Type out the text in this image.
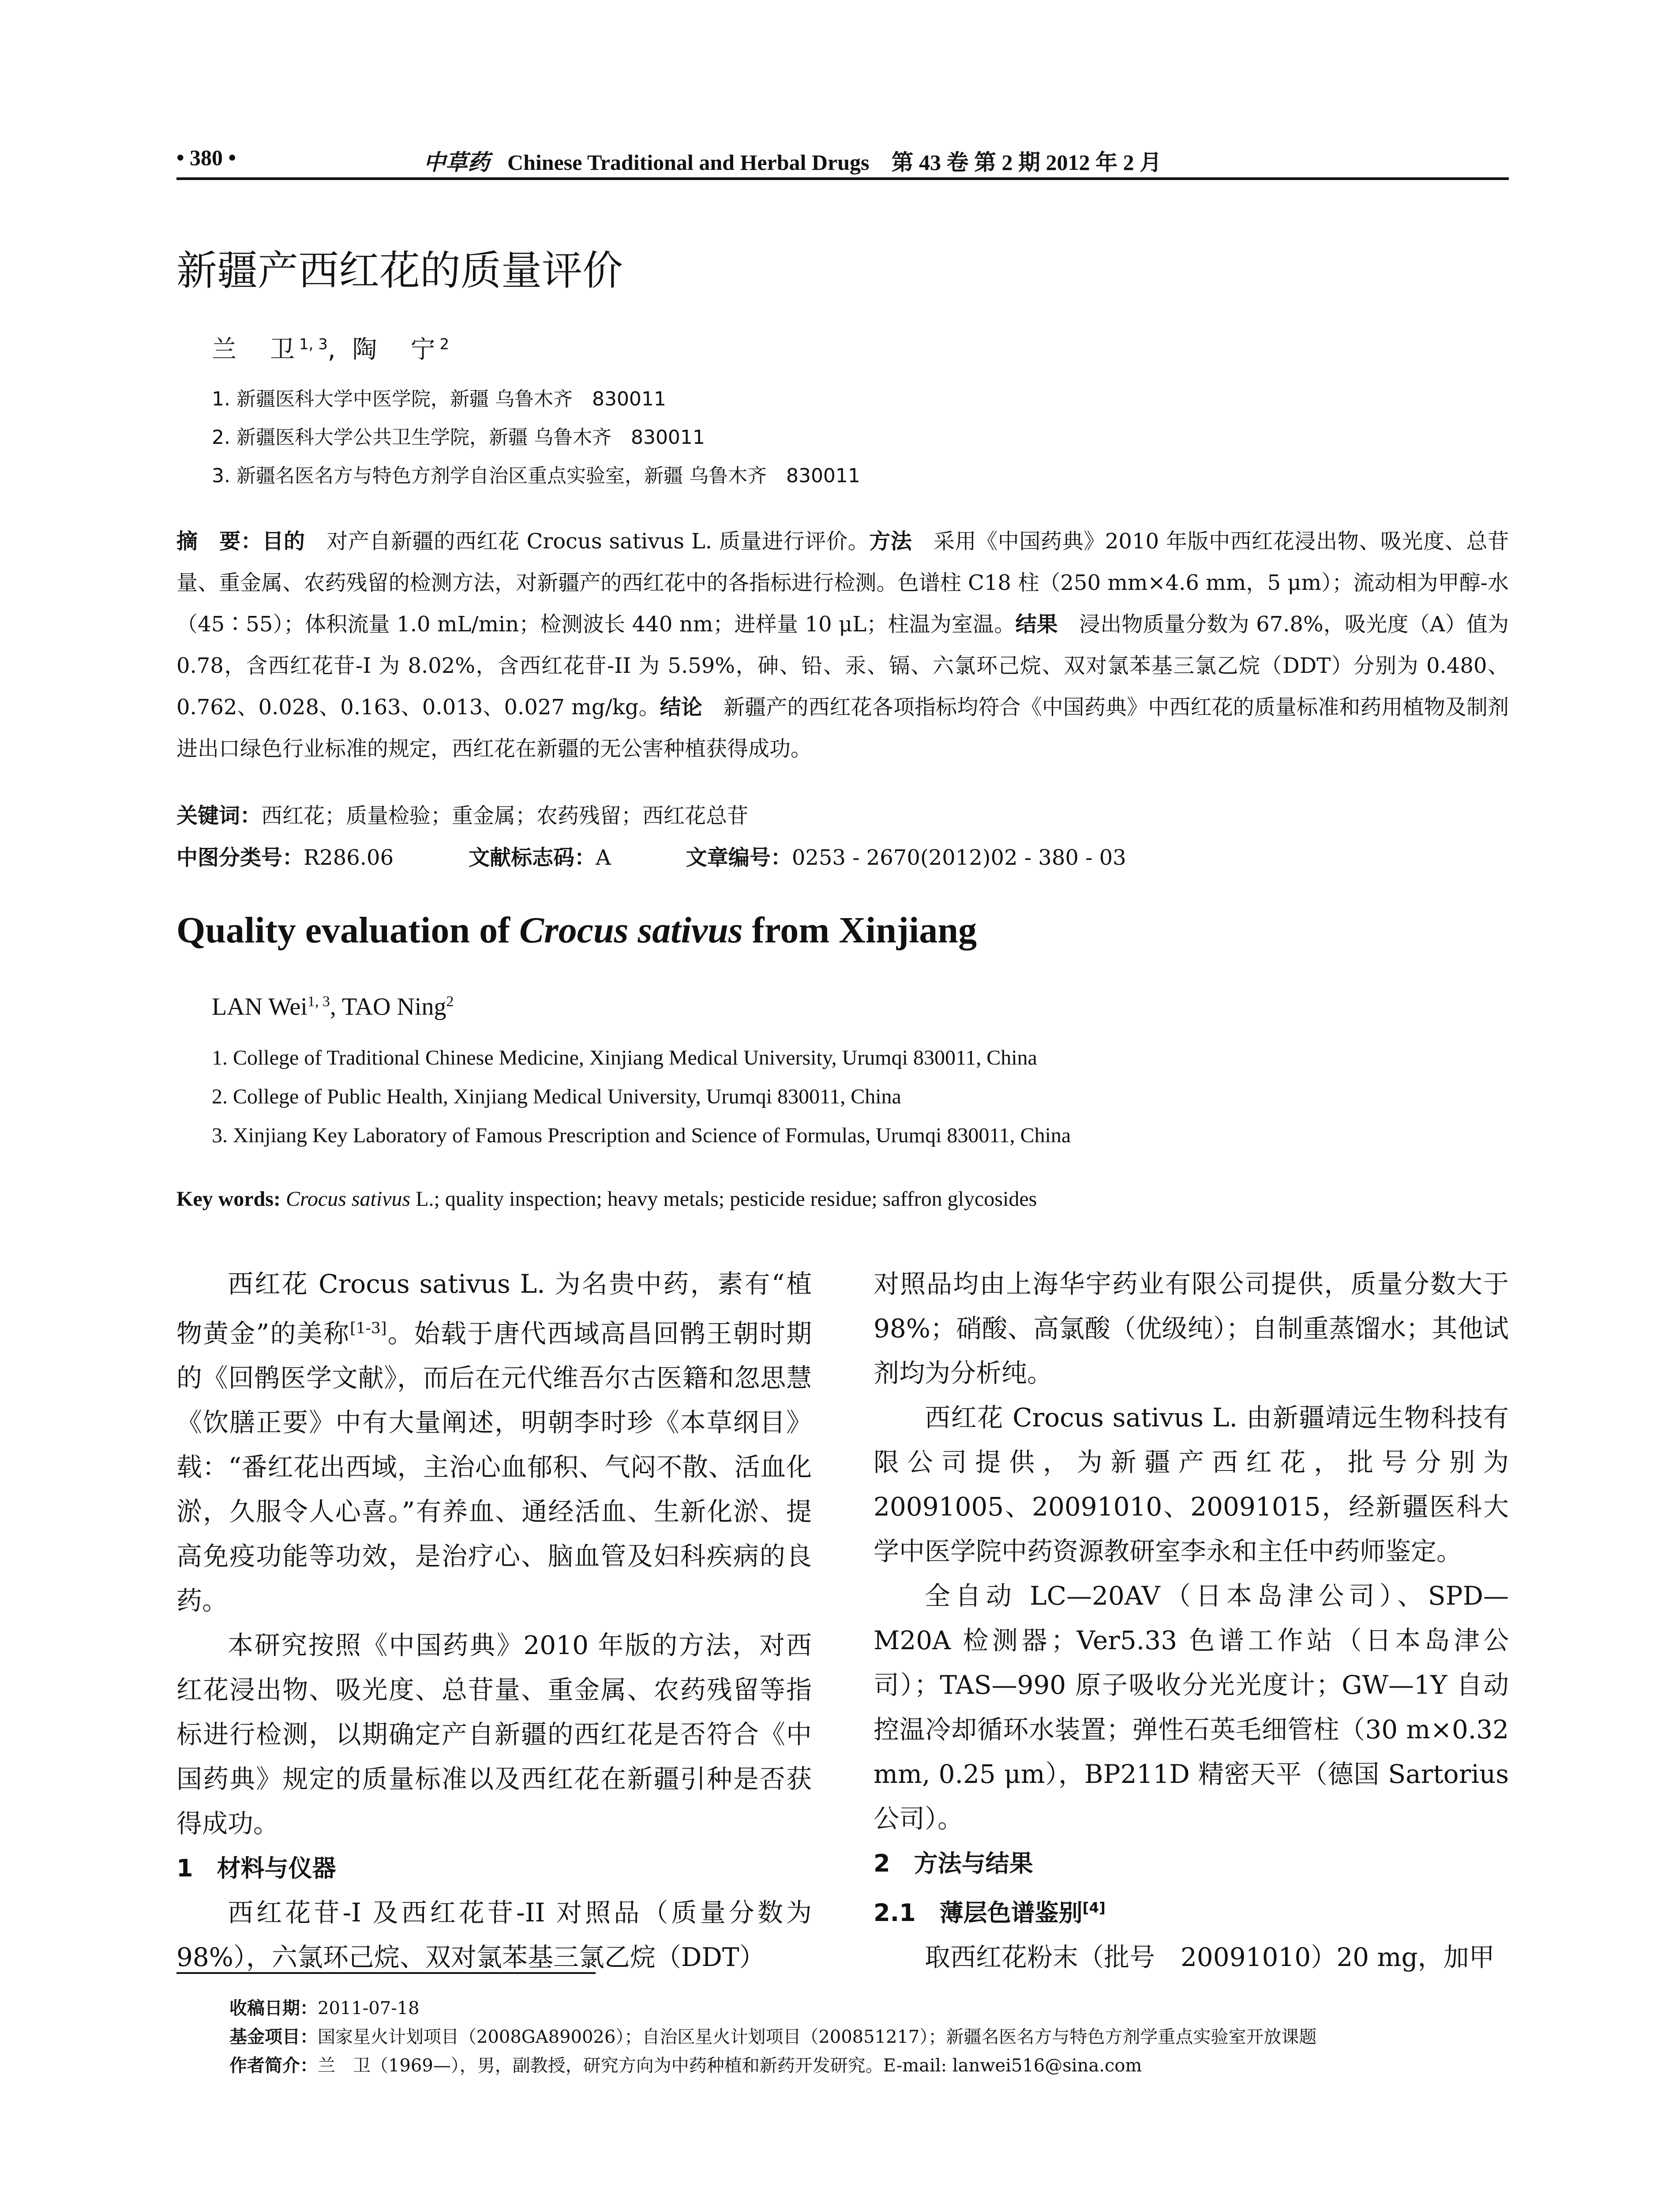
• 380 •	中草药 Chinese Traditional and Herbal Drugs　第 43 卷 第 2 期 2012 年 2 月
新疆产西红花的质量评价
兰　卫$^{1, 3}$, 陶　宁$^2$
1. 新疆医科大学中医学院，新疆 乌鲁木齐　830011
2. 新疆医科大学公共卫生学院，新疆 乌鲁木齐　830011
3. 新疆名医名方与特色方剂学自治区重点实验室，新疆 乌鲁木齐　830011
摘　要：目的　对产自新疆的西红花 Crocus sativus L. 质量进行评价。方法　采用《中国药典》2010 年版中西红花浸出物、吸光度、总苷量、重金属、农药残留的检测方法，对新疆产的西红花中的各指标进行检测。色谱柱 C18 柱（250 mm×4.6 mm，5 μm）；流动相为甲醇-水（45∶55）；体积流量 1.0 mL/min；检测波长 440 nm；进样量 10 μL；柱温为室温。结果　浸出物质量分数为 67.8%，吸光度（A）值为 0.78，含西红花苷-I 为 8.02%，含西红花苷-II 为 5.59%，砷、铅、汞、镉、六氯环己烷、双对氯苯基三氯乙烷（DDT）分别为 0.480、0.762、0.028、0.163、0.013、0.027 mg/kg。结论　新疆产的西红花各项指标均符合《中国药典》中西红花的质量标准和药用植物及制剂进出口绿色行业标准的规定，西红花在新疆的无公害种植获得成功。
关键词：西红花；质量检验；重金属；农药残留；西红花总苷
中图分类号：R286.06	文献标志码：A	文章编号：0253 - 2670(2012)02 - 380 - 03
Quality evaluation of Crocus sativus from Xinjiang
LAN Wei$^{1, 3}$, TAO Ning$^2$
1. College of Traditional Chinese Medicine, Xinjiang Medical University, Urumqi 830011, China
2. College of Public Health, Xinjiang Medical University, Urumqi 830011, China
3. Xinjiang Key Laboratory of Famous Prescription and Science of Formulas, Urumqi 830011, China
Key words: Crocus sativus L.; quality inspection; heavy metals; pesticide residue; saffron glycosides

西红花 Crocus sativus L. 为名贵中药，素有“植物黄金”的美称[1-3]。始载于唐代西域高昌回鹘王朝时期的《回鹘医学文献》，而后在元代维吾尔古医籍和忽思慧《饮膳正要》中有大量阐述，明朝李时珍《本草纲目》载：“番红花出西域，主治心血郁积、气闷不散、活血化淤，久服令人心喜。”有养血、通经活血、生新化淤、提高免疫功能等功效，是治疗心、脑血管及妇科疾病的良药。

本研究按照《中国药典》2010 年版的方法，对西红花浸出物、吸光度、总苷量、重金属、农药残留等指标进行检测，以期确定产自新疆的西红花是否符合《中国药典》规定的质量标准以及西红花在新疆引种是否获得成功。

1　材料与仪器

西红花苷-I 及西红花苷-II 对照品（质量分数为 98%），六氯环己烷、双对氯苯基三氯乙烷（DDT）

对照品均由上海华宇药业有限公司提供，质量分数大于 98%；硝酸、高氯酸（优级纯）；自制重蒸馏水；其他试剂均为分析纯。

西红花 Crocus sativus L. 由新疆靖远生物科技有限公司提供，为新疆产西红花，批号分别为 20091005、20091010、20091015，经新疆医科大学中医学院中药资源教研室李永和主任中药师鉴定。

全自动 LC—20AV（日本岛津公司）、SPD—M20A 检测器；Ver5.33 色谱工作站（日本岛津公司）；TAS—990 原子吸收分光光度计；GW—1Y 自动控温冷却循环水装置；弹性石英毛细管柱（30 m×0.32 mm, 0.25 μm），BP211D 精密天平（德国 Sartorius 公司）。

2　方法与结果

2.1　薄层色谱鉴别[4]

取西红花粉末（批号　20091010）20 mg，加甲

收稿日期：2011-07-18
基金项目：国家星火计划项目（2008GA890026）；自治区星火计划项目（200851217）；新疆名医名方与特色方剂学重点实验室开放课题
作者简介：兰　卫（1969—），男，副教授，研究方向为中药种植和新药开发研究。E-mail: lanwei516@sina.com
